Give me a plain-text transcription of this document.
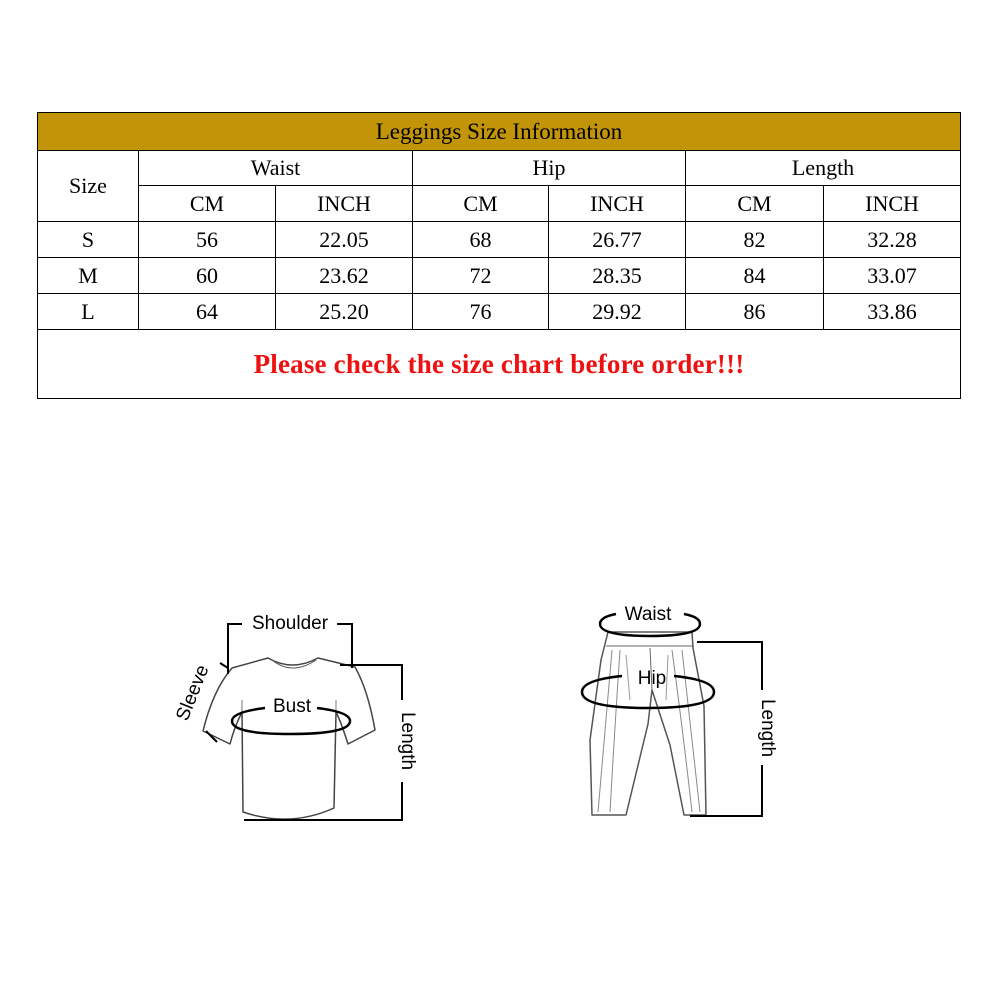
Leggings Size Information						
Size	Waist		Hip		Length	
	CM	INCH	CM	INCH	CM	INCH
S	56	22.05	68	26.77	82	32.28
M	60	23.62	72	28.35	84	33.07
L	64	25.20	76	29.92	86	33.86
Please check the size chart before order!!!						
Shoulder
Length
Sleeve	Bust
Waist
Hip
Length
